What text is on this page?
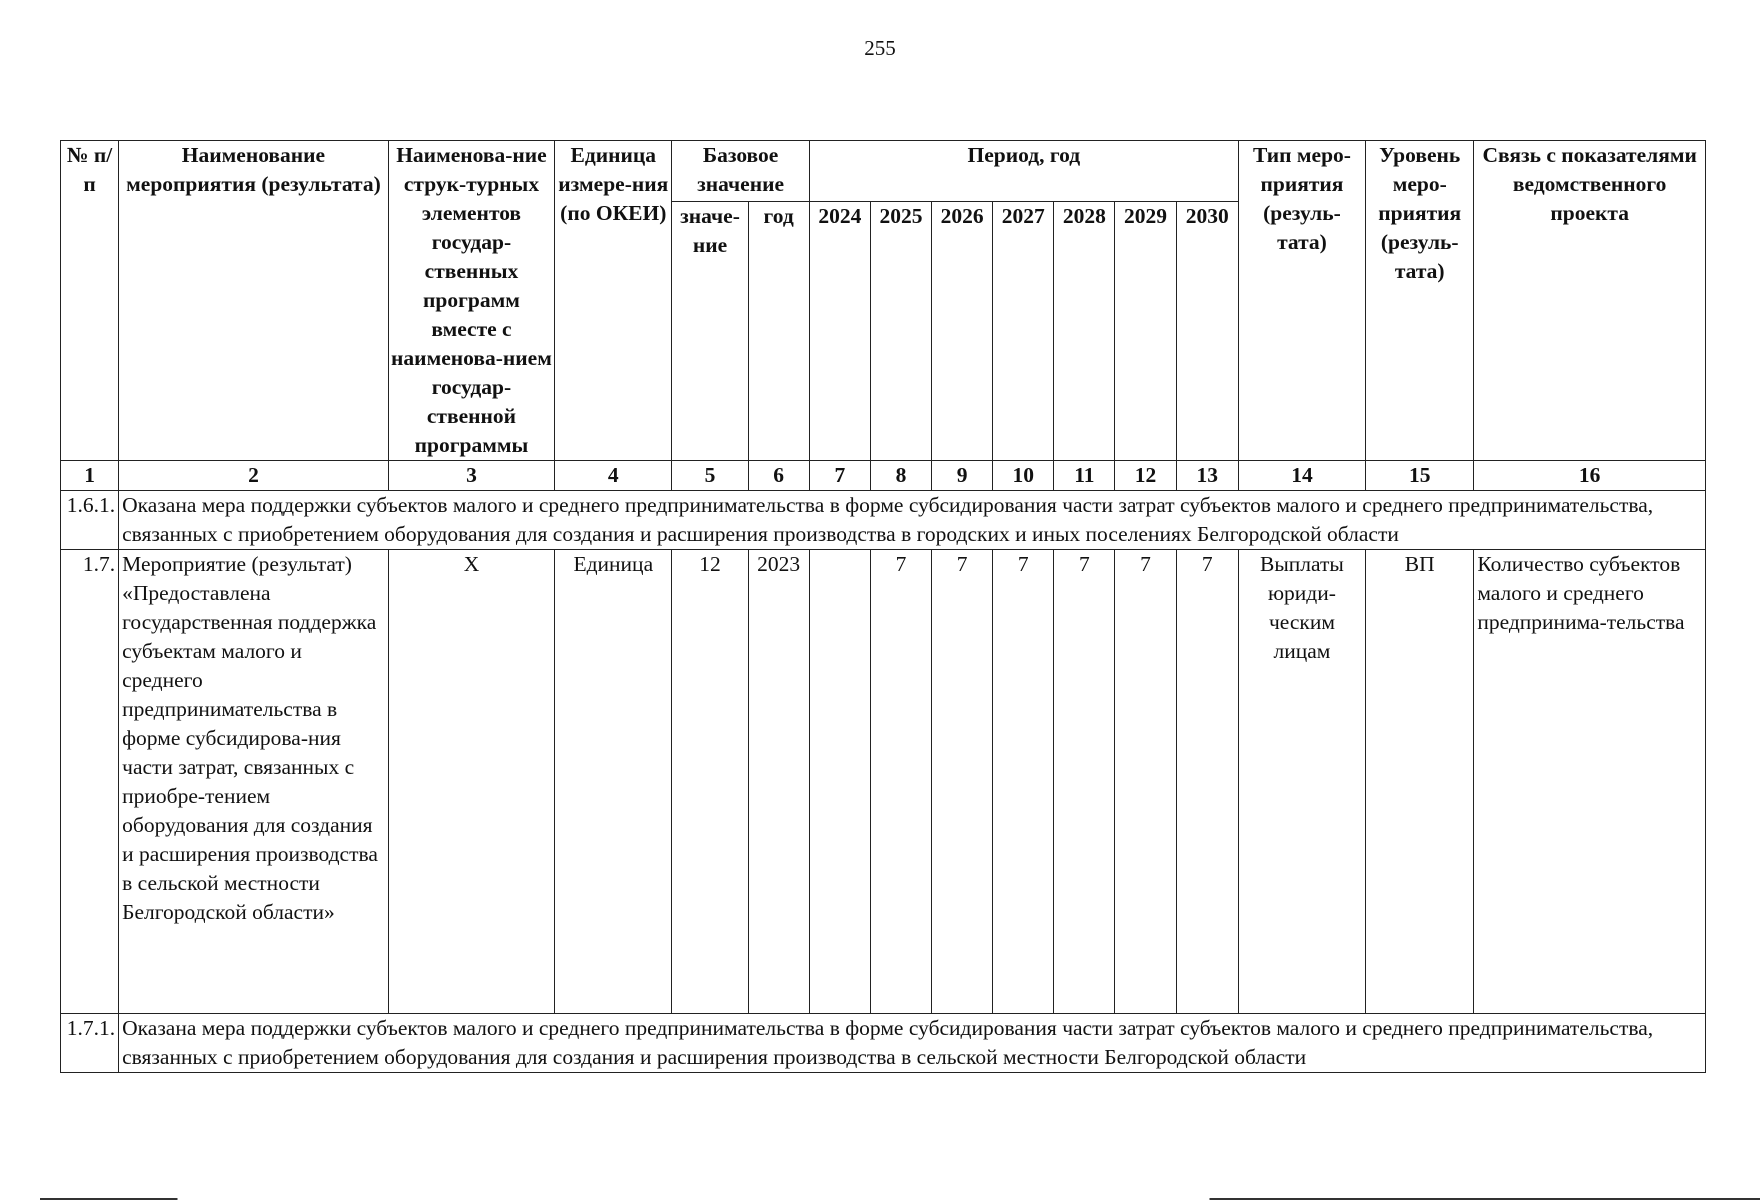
255
№ п/п	Наименование мероприятия (результата)	Наименова-ние струк-турных элементов государ-ственных программ вместе с наименова-нием государ-ственной программы	Единица измере-ния (по ОКЕИ)	Базовое значение		Период, год							Тип меро-приятия (резуль-тата)	Уровень меро-приятия (резуль-тата)	Связь с показателями ведомственного проекта
				значе-ние	год	2024	2025	2026	2027	2028	2029	2030			
1	2	3	4	5	6	7	8	9	10	11	12	13	14	15	16
1.6.1.	Оказана мера поддержки субъектов малого и среднего предпринимательства в форме субсидирования части затрат субъектов малого и среднего предпринимательства, связанных с приобретением оборудования для создания и расширения производства в городских и иных поселениях Белгородской области														
1.7.	Мероприятие (результат) «Предоставлена государственная поддержка субъектам малого и среднего предпринимательства в форме субсидирова-ния части затрат, связанных с приобре-тением оборудования для создания и расширения производства в сельской местности Белгородской области»	Х	Единица	12	2023		7	7	7	7	7	7	Выплаты юриди-ческим лицам	ВП	Количество субъектов малого и среднего предпринима-тельства
1.7.1.	Оказана мера поддержки субъектов малого и среднего предпринимательства в форме субсидирования части затрат субъектов малого и среднего предпринимательства, связанных с приобретением оборудования для создания и расширения производства в сельской местности Белгородской области														
